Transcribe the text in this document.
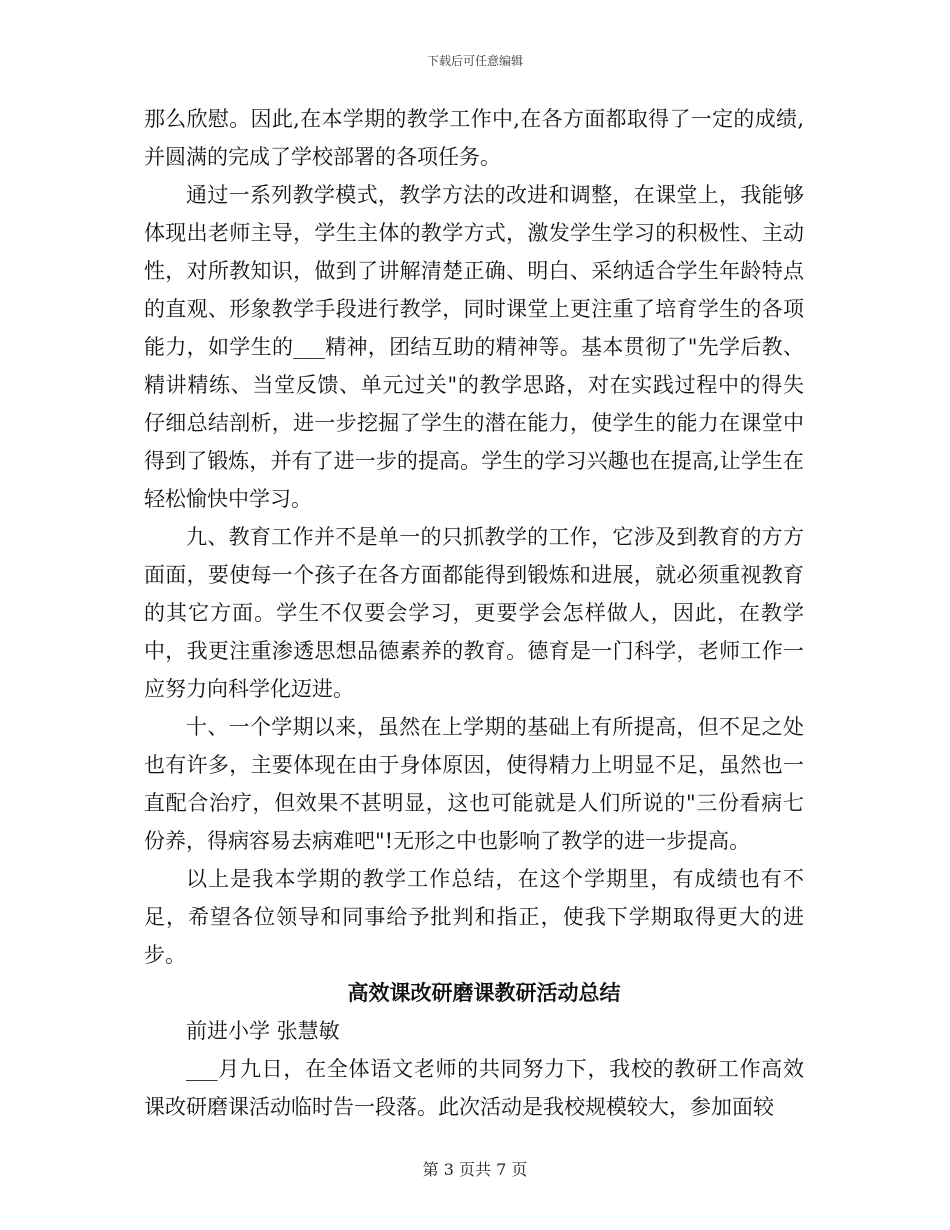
下载后可任意编辑

那么欣慰。因此,在本学期的教学工作中,在各方面都取得了一定的成绩,并圆满的完成了学校部署的各项任务。

通过一系列教学模式，教学方法的改进和调整，在课堂上，我能够体现出老师主导，学生主体的教学方式，激发学生学习的积极性、主动性，对所教知识，做到了讲解清楚正确、明白、采纳适合学生年龄特点的直观、形象教学手段进行教学，同时课堂上更注重了培育学生的各项能力，如学生的___精神，团结互助的精神等。基本贯彻了"先学后教、精讲精练、当堂反馈、单元过关"的教学思路，对在实践过程中的得失仔细总结剖析，进一步挖掘了学生的潜在能力，使学生的能力在课堂中得到了锻炼，并有了进一步的提高。学生的学习兴趣也在提高,让学生在轻松愉快中学习。

九、教育工作并不是单一的只抓教学的工作，它涉及到教育的方方面面，要使每一个孩子在各方面都能得到锻炼和进展，就必须重视教育的其它方面。学生不仅要会学习，更要学会怎样做人，因此，在教学中，我更注重渗透思想品德素养的教育。德育是一门科学，老师工作一应努力向科学化迈进。

十、一个学期以来，虽然在上学期的基础上有所提高，但不足之处也有许多，主要体现在由于身体原因，使得精力上明显不足，虽然也一直配合治疗，但效果不甚明显，这也可能就是人们所说的"三份看病七份养，得病容易去病难吧"!无形之中也影响了教学的进一步提高。

以上是我本学期的教学工作总结，在这个学期里，有成绩也有不足，希望各位领导和同事给予批判和指正，使我下学期取得更大的进步。

高效课改研磨课教研活动总结

前进小学 张慧敏

___月九日，在全体语文老师的共同努力下，我校的教研工作高效课改研磨课活动临时告一段落。此次活动是我校规模较大，参加面较

第 3 页共 7 页
